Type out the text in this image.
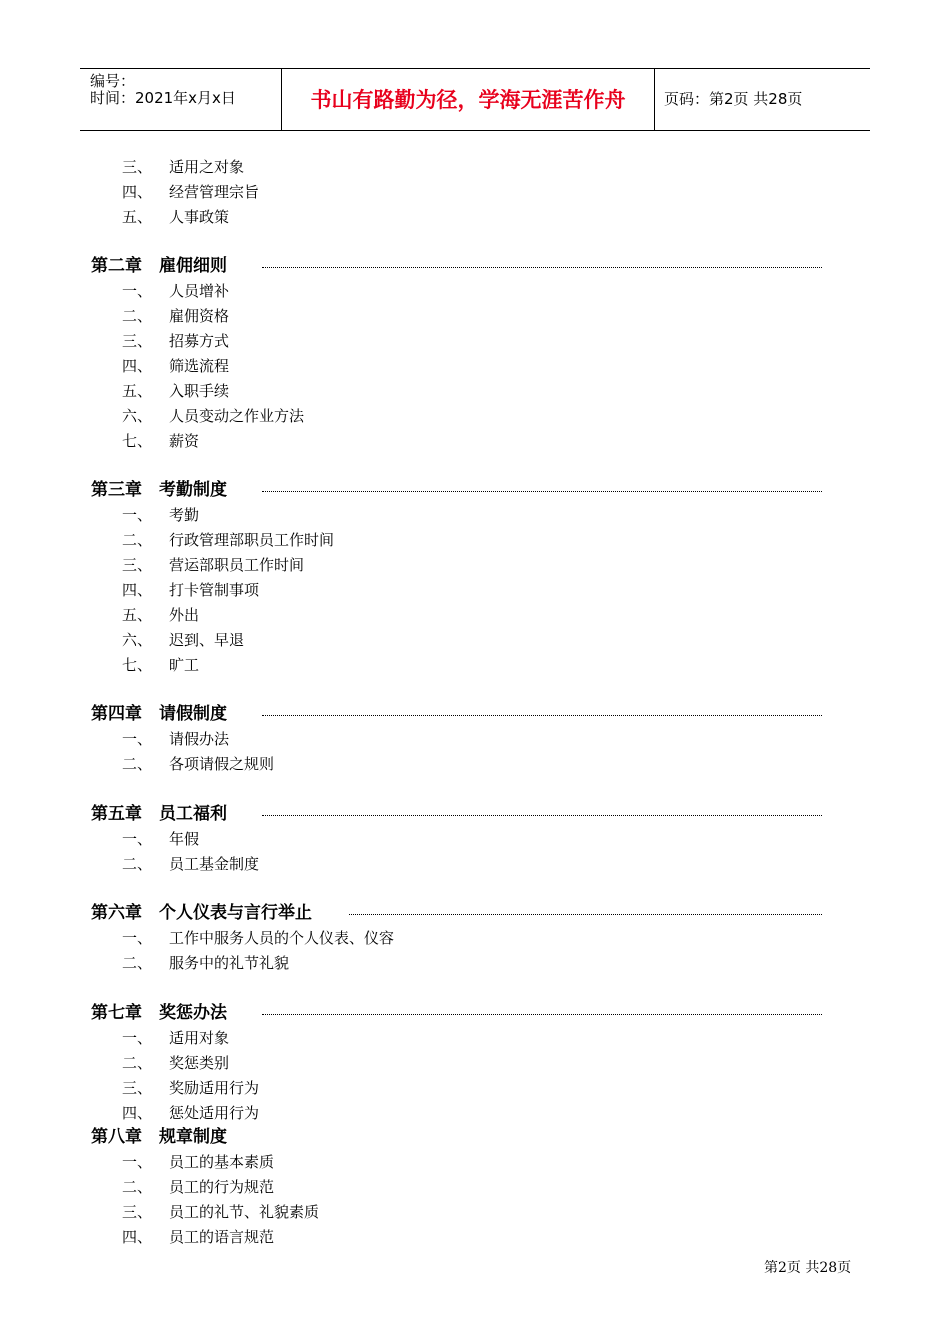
编号：
时间：2021年x月x日	书山有路勤为径，学海无涯苦作舟	页码：第2页 共28页
三、 适用之对象
四、 经营管理宗旨
五、 人事政策
第二章 雇佣细则
一、 人员增补
二、 雇佣资格
三、 招募方式
四、 筛选流程
五、 入职手续
六、 人员变动之作业方法
七、 薪资
第三章 考勤制度
一、 考勤
二、 行政管理部职员工作时间
三、 营运部职员工作时间
四、 打卡管制事项
五、 外出
六、 迟到、早退
七、 旷工
第四章 请假制度
一、 请假办法
二、 各项请假之规则
第五章 员工福利
一、 年假
二、 员工基金制度
第六章 个人仪表与言行举止
一、 工作中服务人员的个人仪表、仪容
二、 服务中的礼节礼貌
第七章 奖惩办法
一、 适用对象
二、 奖惩类别
三、 奖励适用行为
四、 惩处适用行为
第八章 规章制度
一、 员工的基本素质
二、 员工的行为规范
三、 员工的礼节、礼貌素质
四、 员工的语言规范
第2页 共28页
